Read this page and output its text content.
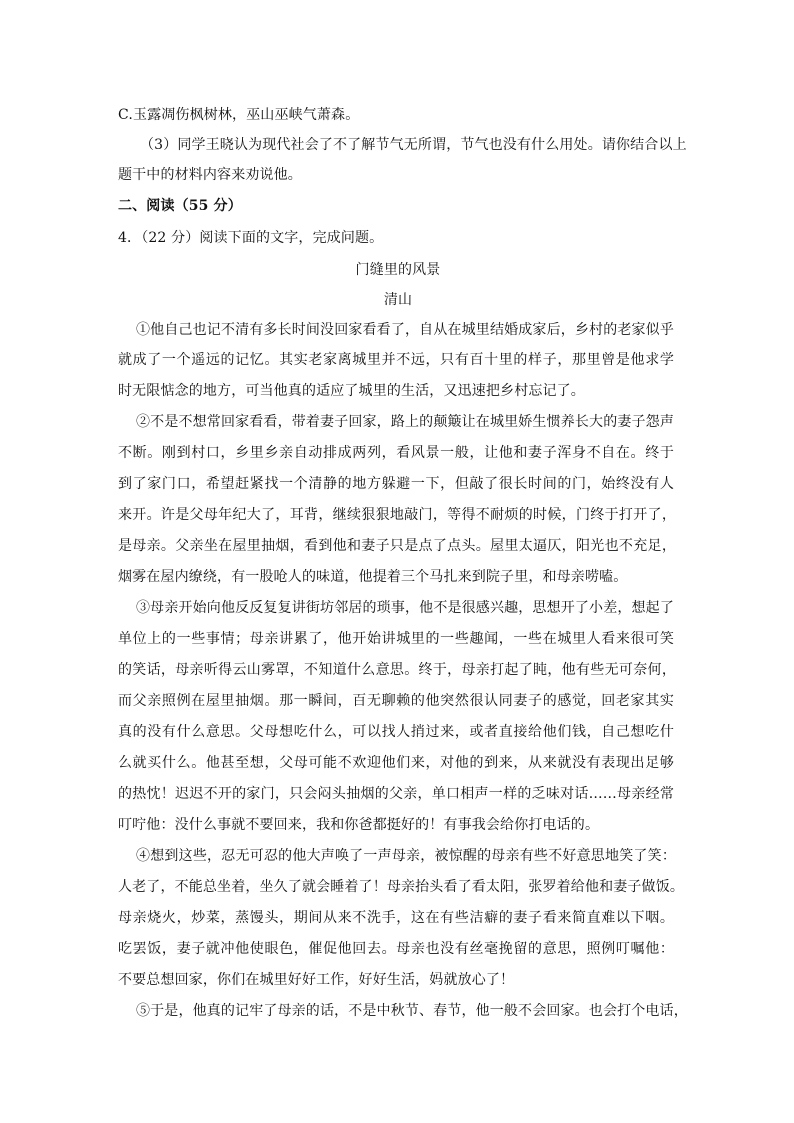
C.玉露凋伤枫树林，巫山巫峡气萧森。
（3）同学王晓认为现代社会了不了解节气无所谓，节气也没有什么用处。请你结合以上
题干中的材料内容来劝说他。
二、阅读（55 分）
4．（22 分）阅读下面的文字，完成问题。
门缝里的风景
清山
①他自己也记不清有多长时间没回家看看了，自从在城里结婚成家后，乡村的老家似乎
就成了一个遥远的记忆。其实老家离城里并不远，只有百十里的样子，那里曾是他求学
时无限惦念的地方，可当他真的适应了城里的生活，又迅速把乡村忘记了。
②不是不想常回家看看，带着妻子回家，路上的颠簸让在城里娇生惯养长大的妻子怨声
不断。刚到村口，乡里乡亲自动排成两列，看风景一般，让他和妻子浑身不自在。终于
到了家门口，希望赶紧找一个清静的地方躲避一下，但敲了很长时间的门，始终没有人
来开。许是父母年纪大了，耳背，继续狠狠地敲门，等得不耐烦的时候，门终于打开了，
是母亲。父亲坐在屋里抽烟，看到他和妻子只是点了点头。屋里太逼仄，阳光也不充足，
烟雾在屋内缭绕，有一股呛人的味道，他提着三个马扎来到院子里，和母亲唠嗑。
③母亲开始向他反反复复讲街坊邻居的琐事，他不是很感兴趣，思想开了小差，想起了
单位上的一些事情；母亲讲累了，他开始讲城里的一些趣闻，一些在城里人看来很可笑
的笑话，母亲听得云山雾罩，不知道什么意思。终于，母亲打起了盹，他有些无可奈何，
而父亲照例在屋里抽烟。那一瞬间，百无聊赖的他突然很认同妻子的感觉，回老家其实
真的没有什么意思。父母想吃什么，可以找人捎过来，或者直接给他们钱，自己想吃什
么就买什么。他甚至想，父母可能不欢迎他们来，对他的到来，从来就没有表现出足够
的热忱！迟迟不开的家门，只会闷头抽烟的父亲，单口相声一样的乏味对话……母亲经常
叮咛他：没什么事就不要回来，我和你爸都挺好的！有事我会给你打电话的。
④想到这些，忍无可忍的他大声唤了一声母亲，被惊醒的母亲有些不好意思地笑了笑：
人老了，不能总坐着，坐久了就会睡着了！母亲抬头看了看太阳，张罗着给他和妻子做饭。
母亲烧火，炒菜，蒸馒头，期间从来不洗手，这在有些洁癖的妻子看来简直难以下咽。
吃罢饭，妻子就冲他使眼色，催促他回去。母亲也没有丝毫挽留的意思，照例叮嘱他：
不要总想回家，你们在城里好好工作，好好生活，妈就放心了！
⑤于是，他真的记牢了母亲的话，不是中秋节、春节，他一般不会回家。也会打个电话，
